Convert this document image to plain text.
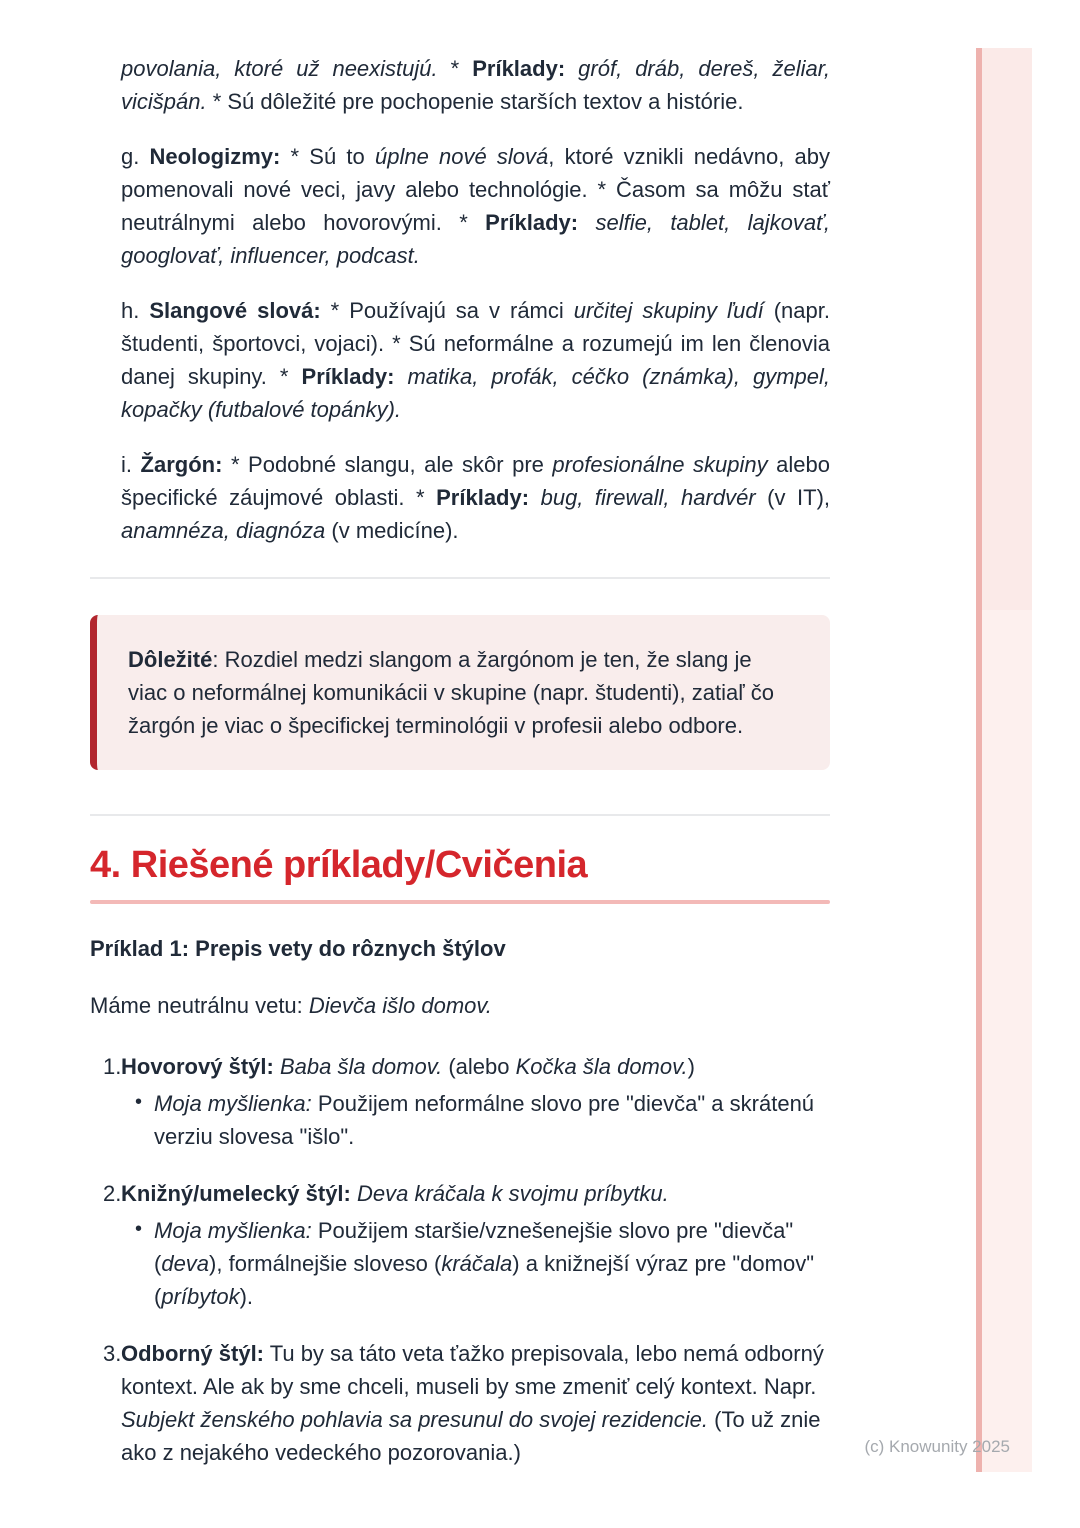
povolania, ktoré už neexistujú. * Príklady: gróf, dráb, dereš, želiar, vicišpán. * Sú dôležité pre pochopenie starších textov a histórie.

g. Neologizmy: * Sú to úplne nové slová, ktoré vznikli nedávno, aby pomenovali nové veci, javy alebo technológie. * Časom sa môžu stať neutrálnymi alebo hovorovými. * Príklady: selfie, tablet, lajkovať, googlovať, influencer, podcast.

h. Slangové slová: * Používajú sa v rámci určitej skupiny ľudí (napr. študenti, športovci, vojaci). * Sú neformálne a rozumejú im len členovia danej skupiny. * Príklady: matika, profák, céčko (známka), gympel, kopačky (futbalové topánky).

i. Žargón: * Podobné slangu, ale skôr pre profesionálne skupiny alebo špecifické záujmové oblasti. * Príklady: bug, firewall, hardvér (v IT), anamnéza, diagnóza (v medicíne).

Dôležité: Rozdiel medzi slangom a žargónom je ten, že slang je viac o neformálnej komunikácii v skupine (napr. študenti), zatiaľ čo žargón je viac o špecifickej terminológii v profesii alebo odbore.
4. Riešené príklady/Cvičenia
Príklad 1: Prepis vety do rôznych štýlov

Máme neutrálnu vetu: Dievča išlo domov.

1. Hovorový štýl: Baba šla domov. (alebo Kočka šla domov.)
• Moja myšlienka: Použijem neformálne slovo pre "dievča" a skrátenú verziu slovesa "išlo".
2. Knižný/umelecký štýl: Deva kráčala k svojmu príbytku.
• Moja myšlienka: Použijem staršie/vznešenejšie slovo pre "dievča" (deva), formálnejšie sloveso (kráčala) a knižnejší výraz pre "domov" (príbytok).
3. Odborný štýl: Tu by sa táto veta ťažko prepisovala, lebo nemá odborný kontext. Ale ak by sme chceli, museli by sme zmeniť celý kontext. Napr. Subjekt ženského pohlavia sa presunul do svojej rezidencie. (To už znie ako z nejakého vedeckého pozorovania.)	(c) Knowunity 2025
